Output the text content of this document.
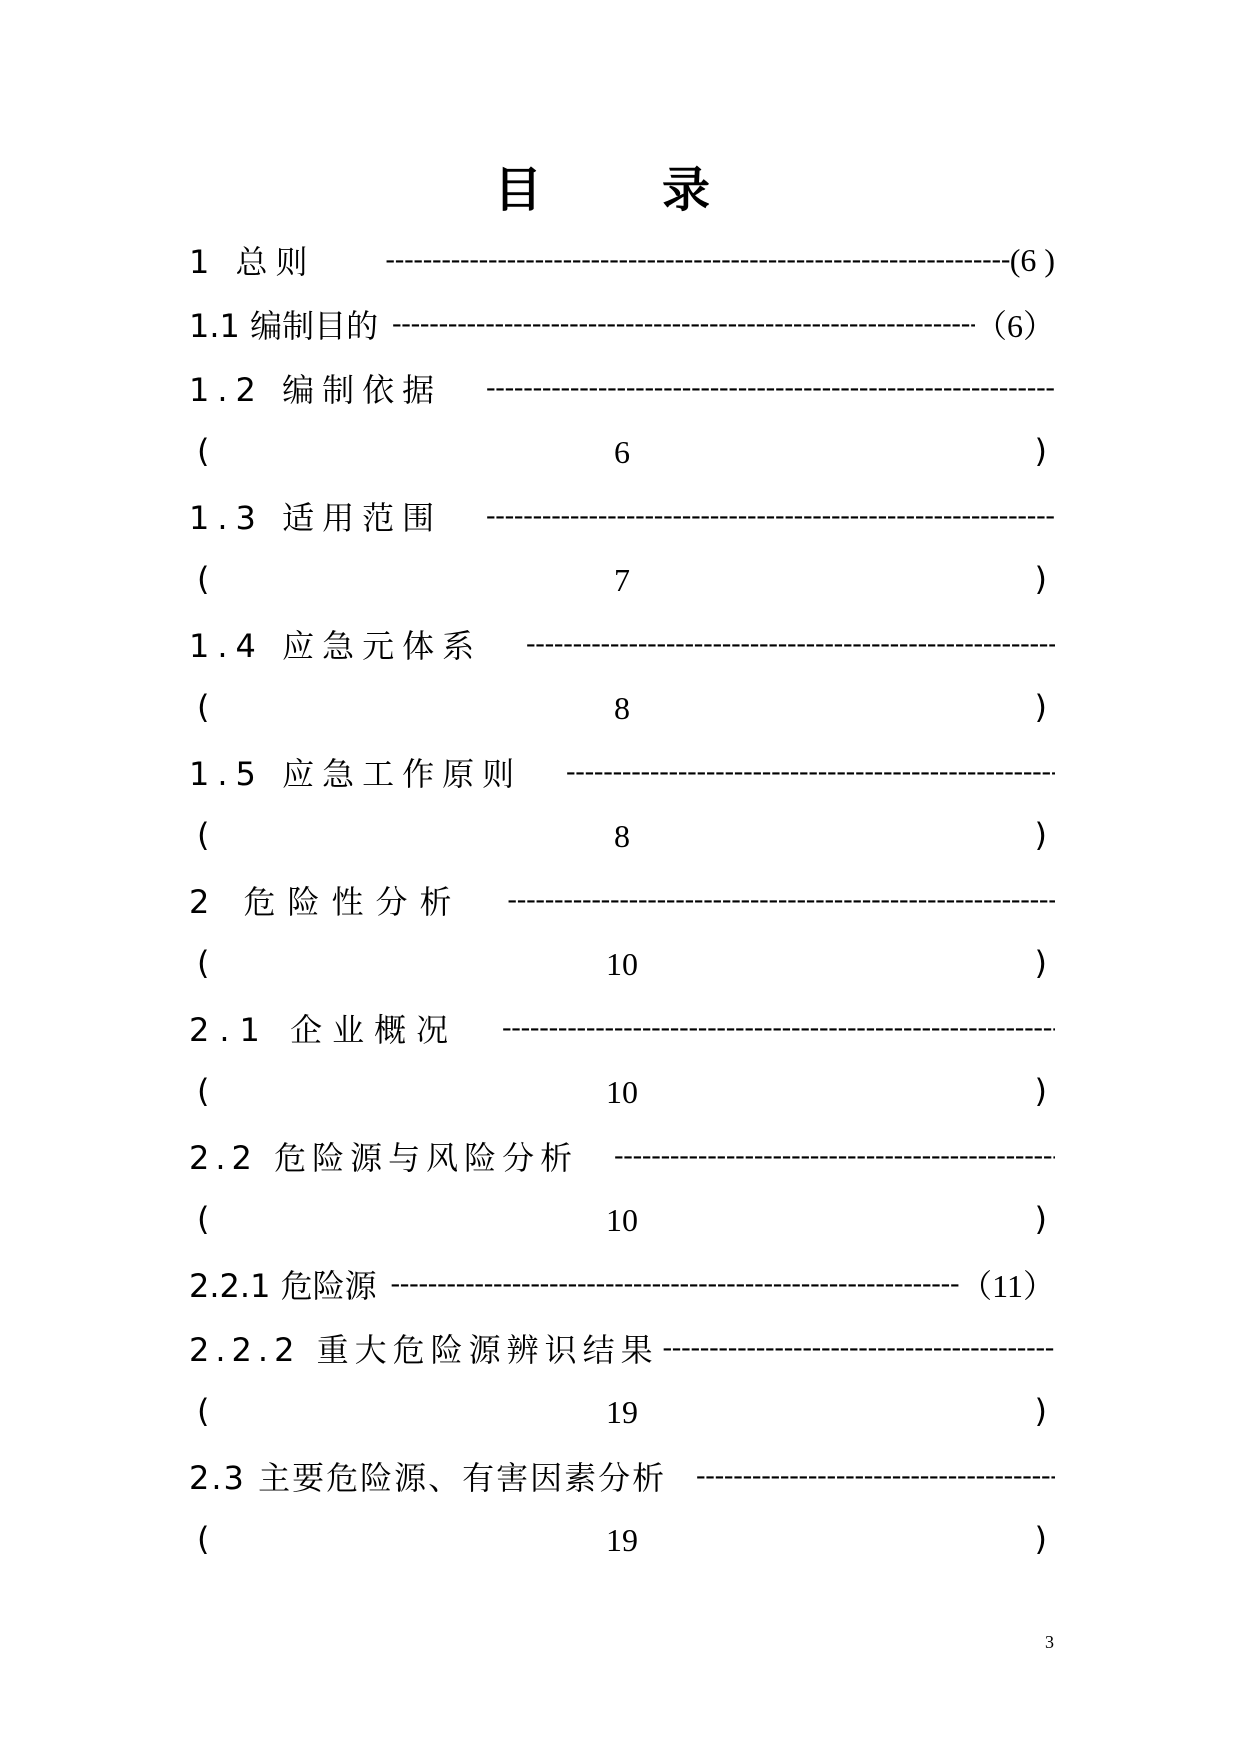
目　录
1 总则 -----	(6 )
1.1 编制目的 -----	（6）
1.2 编制依据
-----
(	6	)
1.3 适用范围
-----
(	7	)
1.4 应急元体系
-----
(	8	)
1.5 应急工作原则
-----
(	8	)
2 危险性分析
-----
(	10	)
2.1 企业概况
-----
(	10	)
2.2 危险源与风险分析
-----
(	10	)
2.2.1 危险源 -----	（11）
2.2.2 重大危险源辨识结果
-----
(	19	)
2.3 主要危险源、有害因素分析
-----
(	19	)
3
